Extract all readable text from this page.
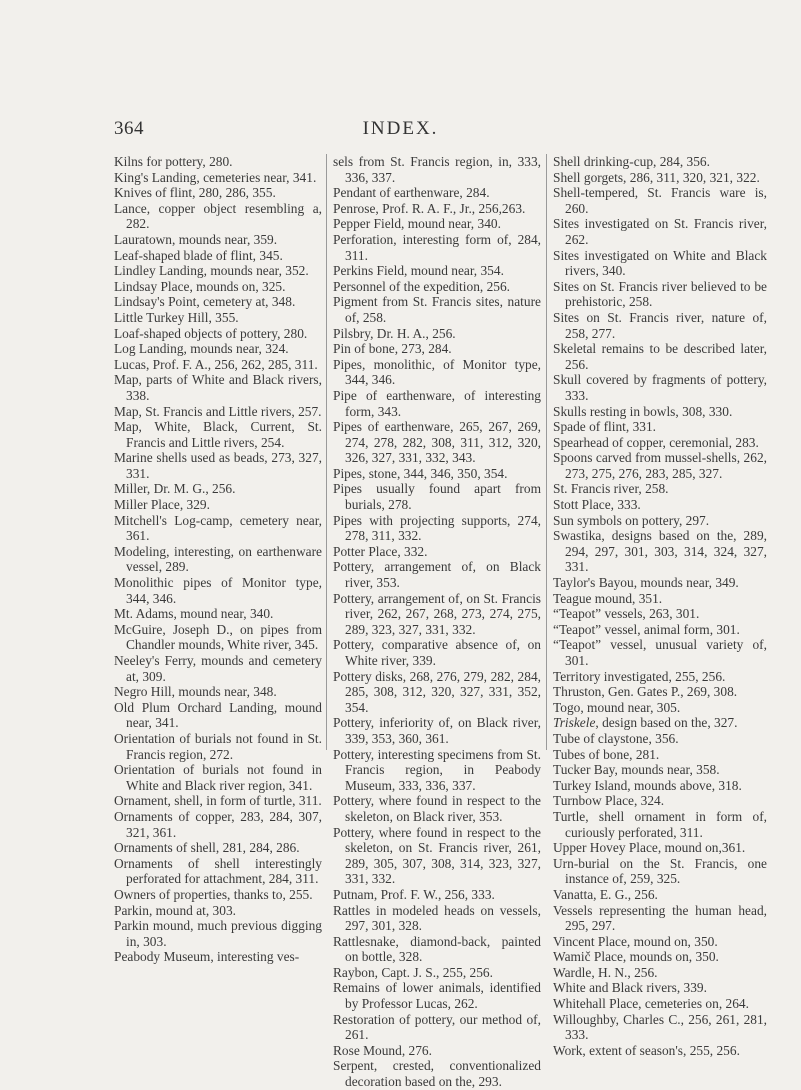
364	INDEX.

Kilns for pottery, 280.

King's Landing, cemeteries near, 341.

Knives of flint, 280, 286, 355.

Lance, copper object resembling a, 282.

Lauratown, mounds near, 359.

Leaf-shaped blade of flint, 345.

Lindley Landing, mounds near, 352.

Lindsay Place, mounds on, 325.

Lindsay's Point, cemetery at, 348.

Little Turkey Hill, 355.

Loaf-shaped objects of pottery, 280.

Log Landing, mounds near, 324.

Lucas, Prof. F. A., 256, 262, 285, 311.

Map, parts of White and Black rivers, 338.

Map, St. Francis and Little rivers, 257.

Map, White, Black, Current, St. Francis and Little rivers, 254.

Marine shells used as beads, 273, 327, 331.

Miller, Dr. M. G., 256.

Miller Place, 329.

Mitchell's Log-camp, cemetery near, 361.

Modeling, interesting, on earthenware vessel, 289.

Monolithic pipes of Monitor type, 344, 346.

Mt. Adams, mound near, 340.

McGuire, Joseph D., on pipes from Chandler mounds, White river, 345.

Neeley's Ferry, mounds and cemetery at, 309.

Negro Hill, mounds near, 348.

Old Plum Orchard Landing, mound near, 341.

Orientation of burials not found in St. Francis region, 272.

Orientation of burials not found in White and Black river region, 341.

Ornament, shell, in form of turtle, 311.

Ornaments of copper, 283, 284, 307, 321, 361.

Ornaments of shell, 281, 284, 286.

Ornaments of shell interestingly perforated for attachment, 284, 311.

Owners of properties, thanks to, 255.

Parkin, mound at, 303.

Parkin mound, much previous digging in, 303.

Peabody Museum, interesting ves-

sels from St. Francis region, in, 333, 336, 337.

Pendant of earthenware, 284.

Penrose, Prof. R. A. F., Jr., 256,263.

Pepper Field, mound near, 340.

Perforation, interesting form of, 284, 311.

Perkins Field, mound near, 354.

Personnel of the expedition, 256.

Pigment from St. Francis sites, nature of, 258.

Pilsbry, Dr. H. A., 256.

Pin of bone, 273, 284.

Pipes, monolithic, of Monitor type, 344, 346.

Pipe of earthenware, of interesting form, 343.

Pipes of earthenware, 265, 267, 269, 274, 278, 282, 308, 311, 312, 320, 326, 327, 331, 332, 343.

Pipes, stone, 344, 346, 350, 354.

Pipes usually found apart from burials, 278.

Pipes with projecting supports, 274, 278, 311, 332.

Potter Place, 332.

Pottery, arrangement of, on Black river, 353.

Pottery, arrangement of, on St. Francis river, 262, 267, 268, 273, 274, 275, 289, 323, 327, 331, 332.

Pottery, comparative absence of, on White river, 339.

Pottery disks, 268, 276, 279, 282, 284, 285, 308, 312, 320, 327, 331, 352, 354.

Pottery, inferiority of, on Black river, 339, 353, 360, 361.

Pottery, interesting specimens from St. Francis region, in Peabody Museum, 333, 336, 337.

Pottery, where found in respect to the skeleton, on Black river, 353.

Pottery, where found in respect to the skeleton, on St. Francis river, 261, 289, 305, 307, 308, 314, 323, 327, 331, 332.

Putnam, Prof. F. W., 256, 333.

Rattles in modeled heads on vessels, 297, 301, 328.

Rattlesnake, diamond-back, painted on bottle, 328.

Raybon, Capt. J. S., 255, 256.

Remains of lower animals, identified by Professor Lucas, 262.

Restoration of pottery, our method of, 261.

Rose Mound, 276.

Serpent, crested, conventionalized decoration based on the, 293.

Shell drinking-cup, 284, 356.

Shell gorgets, 286, 311, 320, 321, 322.

Shell-tempered, St. Francis ware is, 260.

Sites investigated on St. Francis river, 262.

Sites investigated on White and Black rivers, 340.

Sites on St. Francis river believed to be prehistoric, 258.

Sites on St. Francis river, nature of, 258, 277.

Skeletal remains to be described later, 256.

Skull covered by fragments of pottery, 333.

Skulls resting in bowls, 308, 330.

Spade of flint, 331.

Spearhead of copper, ceremonial, 283.

Spoons carved from mussel-shells, 262, 273, 275, 276, 283, 285, 327.

St. Francis river, 258.

Stott Place, 333.

Sun symbols on pottery, 297.

Swastika, designs based on the, 289, 294, 297, 301, 303, 314, 324, 327, 331.

Taylor's Bayou, mounds near, 349.

Teague mound, 351.

“Teapot” vessels, 263, 301.

“Teapot” vessel, animal form, 301.

“Teapot” vessel, unusual variety of, 301.

Territory investigated, 255, 256.

Thruston, Gen. Gates P., 269, 308.

Togo, mound near, 305.

Triskele, design based on the, 327.

Tube of claystone, 356.

Tubes of bone, 281.

Tucker Bay, mounds near, 358.

Turkey Island, mounds above, 318.

Turnbow Place, 324.

Turtle, shell ornament in form of, curiously perforated, 311.

Upper Hovey Place, mound on,361.

Urn-burial on the St. Francis, one instance of, 259, 325.

Vanatta, E. G., 256.

Vessels representing the human head, 295, 297.

Vincent Place, mound on, 350.

Wamič Place, mounds on, 350.

Wardle, H. N., 256.

White and Black rivers, 339.

Whitehall Place, cemeteries on, 264.

Willoughby, Charles C., 256, 261, 281, 333.

Work, extent of season's, 255, 256.
